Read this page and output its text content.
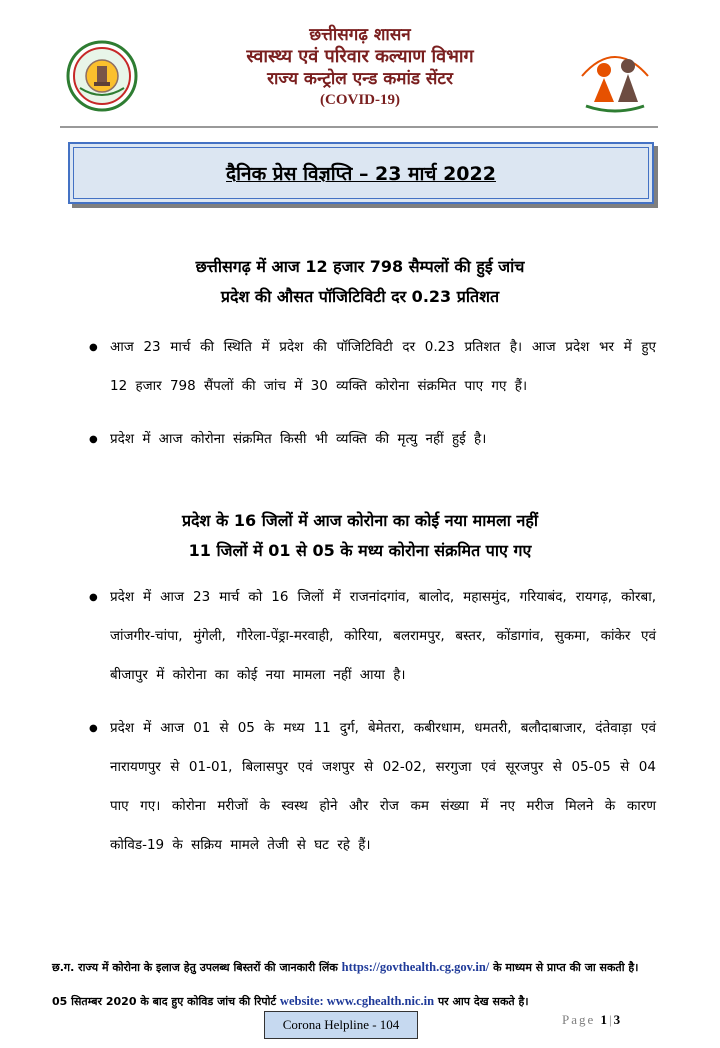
छत्तीसगढ़ शासन
स्वास्थ्य एवं परिवार कल्याण विभाग
राज्य कन्ट्रोल एन्ड कमांड सेंटर
(COVID-19)
दैनिक प्रेस विज्ञप्ति – 23 मार्च 2022
छत्तीसगढ़ में आज 12 हजार 798 सैम्पलों की हुई जांच
प्रदेश की औसत पॉजिटिविटी दर 0.23 प्रतिशत
● आज 23 मार्च की स्थिति में प्रदेश की पॉजिटिविटी दर 0.23 प्रतिशत है। आज प्रदेश भर में हुए 12 हजार 798 सैंपलों की जांच में 30 व्यक्ति कोरोना संक्रमित पाए गए हैं।
● प्रदेश में आज कोरोना संक्रमित किसी भी व्यक्ति की मृत्यु नहीं हुई है।
प्रदेश के 16 जिलों में आज कोरोना का कोई नया मामला नहीं
11 जिलों में 01 से 05 के मध्य कोरोना संक्रमित पाए गए
● प्रदेश में आज 23 मार्च को 16 जिलों में राजनांदगांव, बालोद, महासमुंद, गरियाबंद, रायगढ़, कोरबा, जांजगीर-चांपा, मुंगेली, गौरेला-पेंड्रा-मरवाही, कोरिया, बलरामपुर, बस्तर, कोंडागांव, सुकमा, कांकेर एवं बीजापुर में कोरोना का कोई नया मामला नहीं आया है।
● प्रदेश में आज 01 से 05 के मध्य 11 दुर्ग, बेमेतरा, कबीरधाम, धमतरी, बलौदाबाजार, दंतेवाड़ा एवं नारायणपुर से 01-01, बिलासपुर एवं जशपुर से 02-02, सरगुजा एवं सूरजपुर से 05-05 से 04 पाए गए। कोरोना मरीजों के स्वस्थ होने और रोज कम संख्या में नए मरीज मिलने के कारण कोविड-19 के सक्रिय मामले तेजी से घट रहे हैं।
छ.ग. राज्य में कोरोना के इलाज हेतु उपलब्ध बिस्तरों की जानकारी लिंक https://govthealth.cg.gov.in/ के माध्यम से प्राप्त की जा सकती है।
05 सितम्बर 2020 के बाद हुए कोविड जांच की रिपोर्ट website: www.cghealth.nic.in पर आप देख सकते है।
Corona Helpline - 104	Page 1|3
